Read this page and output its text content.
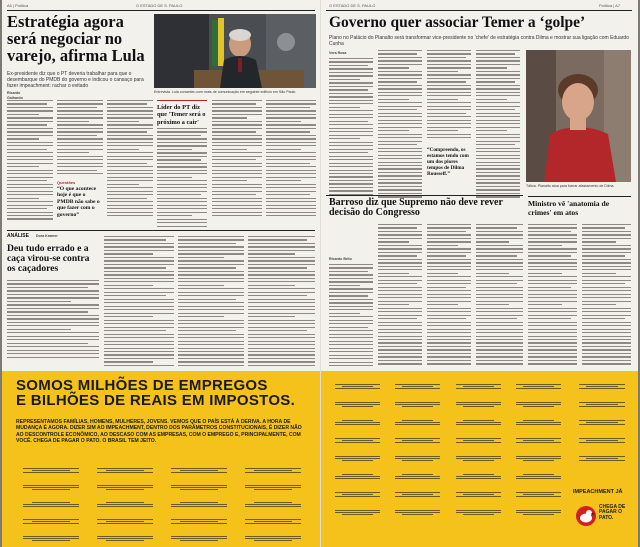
A6 | Política	O ESTADO DE S. PAULO
Estratégia agora será negociar no varejo, afirma Lula

Ex-presidente diz que o PT deveria trabalhar para que o desembarque do PMDB do governo e indicou o cansaço para fazer impeachment: rachar o evitado

Ricardo Galhardo
Entrevista. Lula concedeu com mais de comunicação em seguinte edifício em São Paulo
Questões
“O que acontece hoje é que o PMDB não sabe o que fazer com o governo”
Líder do PT diz que 'Temer será o próximo a cair'
ANÁLISE Dora Kramer
Deu tudo errado e a caça virou-se contra os caçadores
SOMOS MILHÕES DE EMPREGOS
E BILHÕES DE REAIS EM IMPOSTOS.

REPRESENTAMOS FAMÍLIAS, HOMENS, MULHERES, JOVENS. VEMOS QUE O PAÍS ESTÁ À DERIVA. A HORA DE MUDANÇA É AGORA. DIZER SIM AO IMPEACHMENT, DENTRO DOS PARÂMETROS CONSTITUCIONAIS, É DIZER NÃO AO DESCONTROLE ECONÔMICO, AO DESCASO COM AS EMPRESAS, COM O EMPREGO E, PRINCIPALMENTE, COM VOCÊ. CHEGA DE PAGAR O PATO. O BRASIL TEM JEITO.

O ESTADO DE S. PAULO	Política | A7
Governo quer associar Temer a ‘golpe’

Plano no Palácio do Planalto será transformar vice-presidente no ‘chefe’ de estratégia contra Dilma e mostrar sua ligação com Eduardo Cunha

Vera Rosa
“Compreendo, os estamos tendo com um dos piores tempos de Dilma Rousseff.”
Tática. Planalto atua para barrar afastamento de Dilma
Barroso diz que Supremo não deve rever decisão do Congresso
Ricardo Brito
Ministro vê 'anatomia de crimes' em atos
IMPEACHMENT JÁ
CHEGA DE PAGAR O PATO.
